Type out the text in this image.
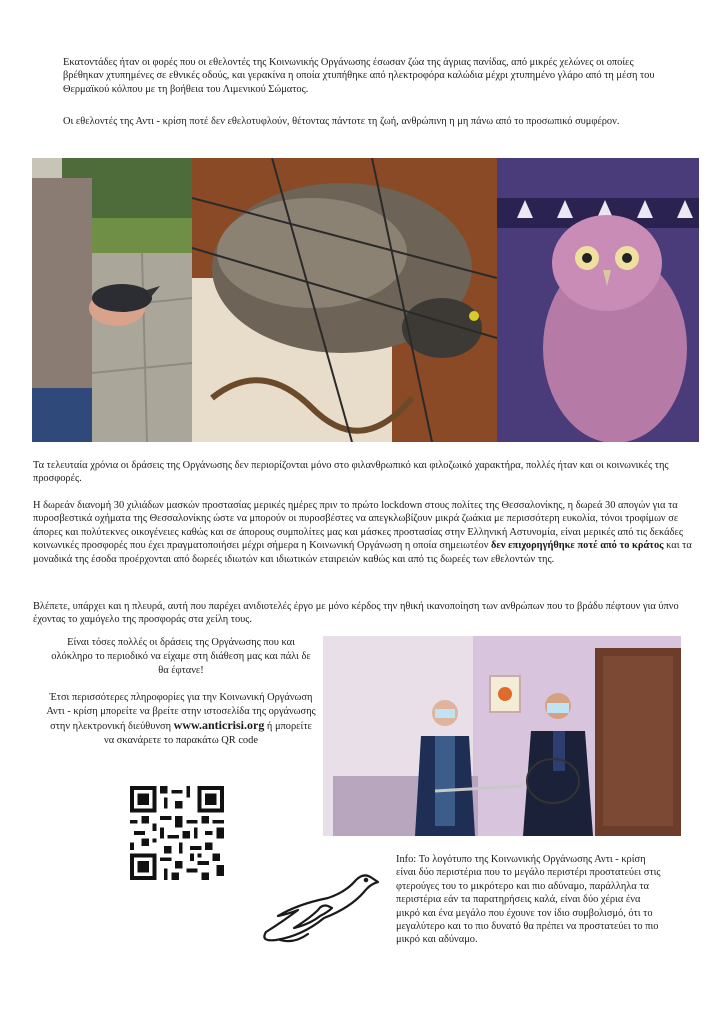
Εκατοντάδες ήταν οι φορές που οι εθελοντές της Κοινωνικής Οργάνωσης έσωσαν ζώα της άγριας πανίδας, από μικρές χελώνες οι οποίες βρέθηκαν χτυπημένες σε εθνικές οδούς, και γερακίνα η οποία χτυπήθηκε από ηλεκτροφόρα καλώδια μέχρι χτυπημένο γλάρο από τη μέση του Θερμαϊκού κόλπου με τη βοήθεια του Λιμενικού Σώματος.

Οι εθελοντές της Αντι - κρίση ποτέ δεν εθελοτυφλούν, θέτοντας πάντοτε τη ζωή, ανθρώπινη η μη πάνω από το προσωπικό συμφέρον.

Τα τελευταία χρόνια οι δράσεις της Οργάνωσης δεν περιορίζονται μόνο στο φιλανθρωπικό και φιλοζωικό χαρακτήρα, πολλές ήταν και οι κοινωνικές της προσφορές.

Η δωρεάν διανομή 30 χιλιάδων μασκών προστασίας μερικές ημέρες πριν το πρώτο lockdown στους πολίτες της Θεσσαλονίκης, η δωρεά 30 απογών για τα πυροσβεστικά οχήματα της Θεσσαλονίκης ώστε να μπορούν οι πυροσβέστες να απεγκλωβίζουν μικρά ζωάκια με περισσότερη ευκολία, τόνοι τροφίμων σε άπορες και πολύτεκνες οικογένειες καθώς και σε άπορους συμπολίτες μας και μάσκες προστασίας στην Ελληνική Αστυνομία, είναι μερικές από τις δεκάδες κοινωνικές προσφορές που έχει πραγματοποιήσει μέχρι σήμερα η Κοινωνική Οργάνωση η οποία σημειωτέον δεν επιχορηγήθηκε ποτέ από το κράτος και τα μοναδικά της έσοδα προέρχονται από δωρεές ιδιωτών και ιδιωτικών εταιρειών καθώς και από τις δωρεές των εθελοντών της.

Βλέπετε, υπάρχει και η πλευρά, αυτή που παρέχει ανιδιοτελές έργο με μόνο κέρδος την ηθική ικανοποίηση των ανθρώπων που το βράδυ πέφτουν για ύπνο έχοντας το χαμόγελο της προσφοράς στα χείλη τους.

Είναι τόσες πολλές οι δράσεις της Οργάνωσης που και ολόκληρο το περιοδικό να είχαμε στη διάθεση μας και πάλι δε θα έφτανε!

Έτσι περισσότερες πληροφορίες για την Κοινωνική Οργάνωση Αντι - κρίση μπορείτε να βρείτε στην ιστοσελίδα της οργάνωσης στην ηλεκτρονική διεύθυνση www.anticrisi.org ή μπορείτε να σκανάρετε το παρακάτω QR code

Info: Το λογότυπο της Κοινωνικής Οργάνωσης Αντι - κρίση είναι δύο περιστέρια που το μεγάλο περιστέρι προστατεύει στις φτερούγες του το μικρότερο και πιο αδύναμο, παράλληλα τα περιστέρια εάν τα παρατηρήσεις καλά, είναι δύο χέρια ένα μικρό και ένα μεγάλο που έχουνε τον ίδιο συμβολισμό, ότι το μεγαλύτερο και το πιο δυνατό θα πρέπει να προστατεύει το πιο μικρό και αδύναμο.
